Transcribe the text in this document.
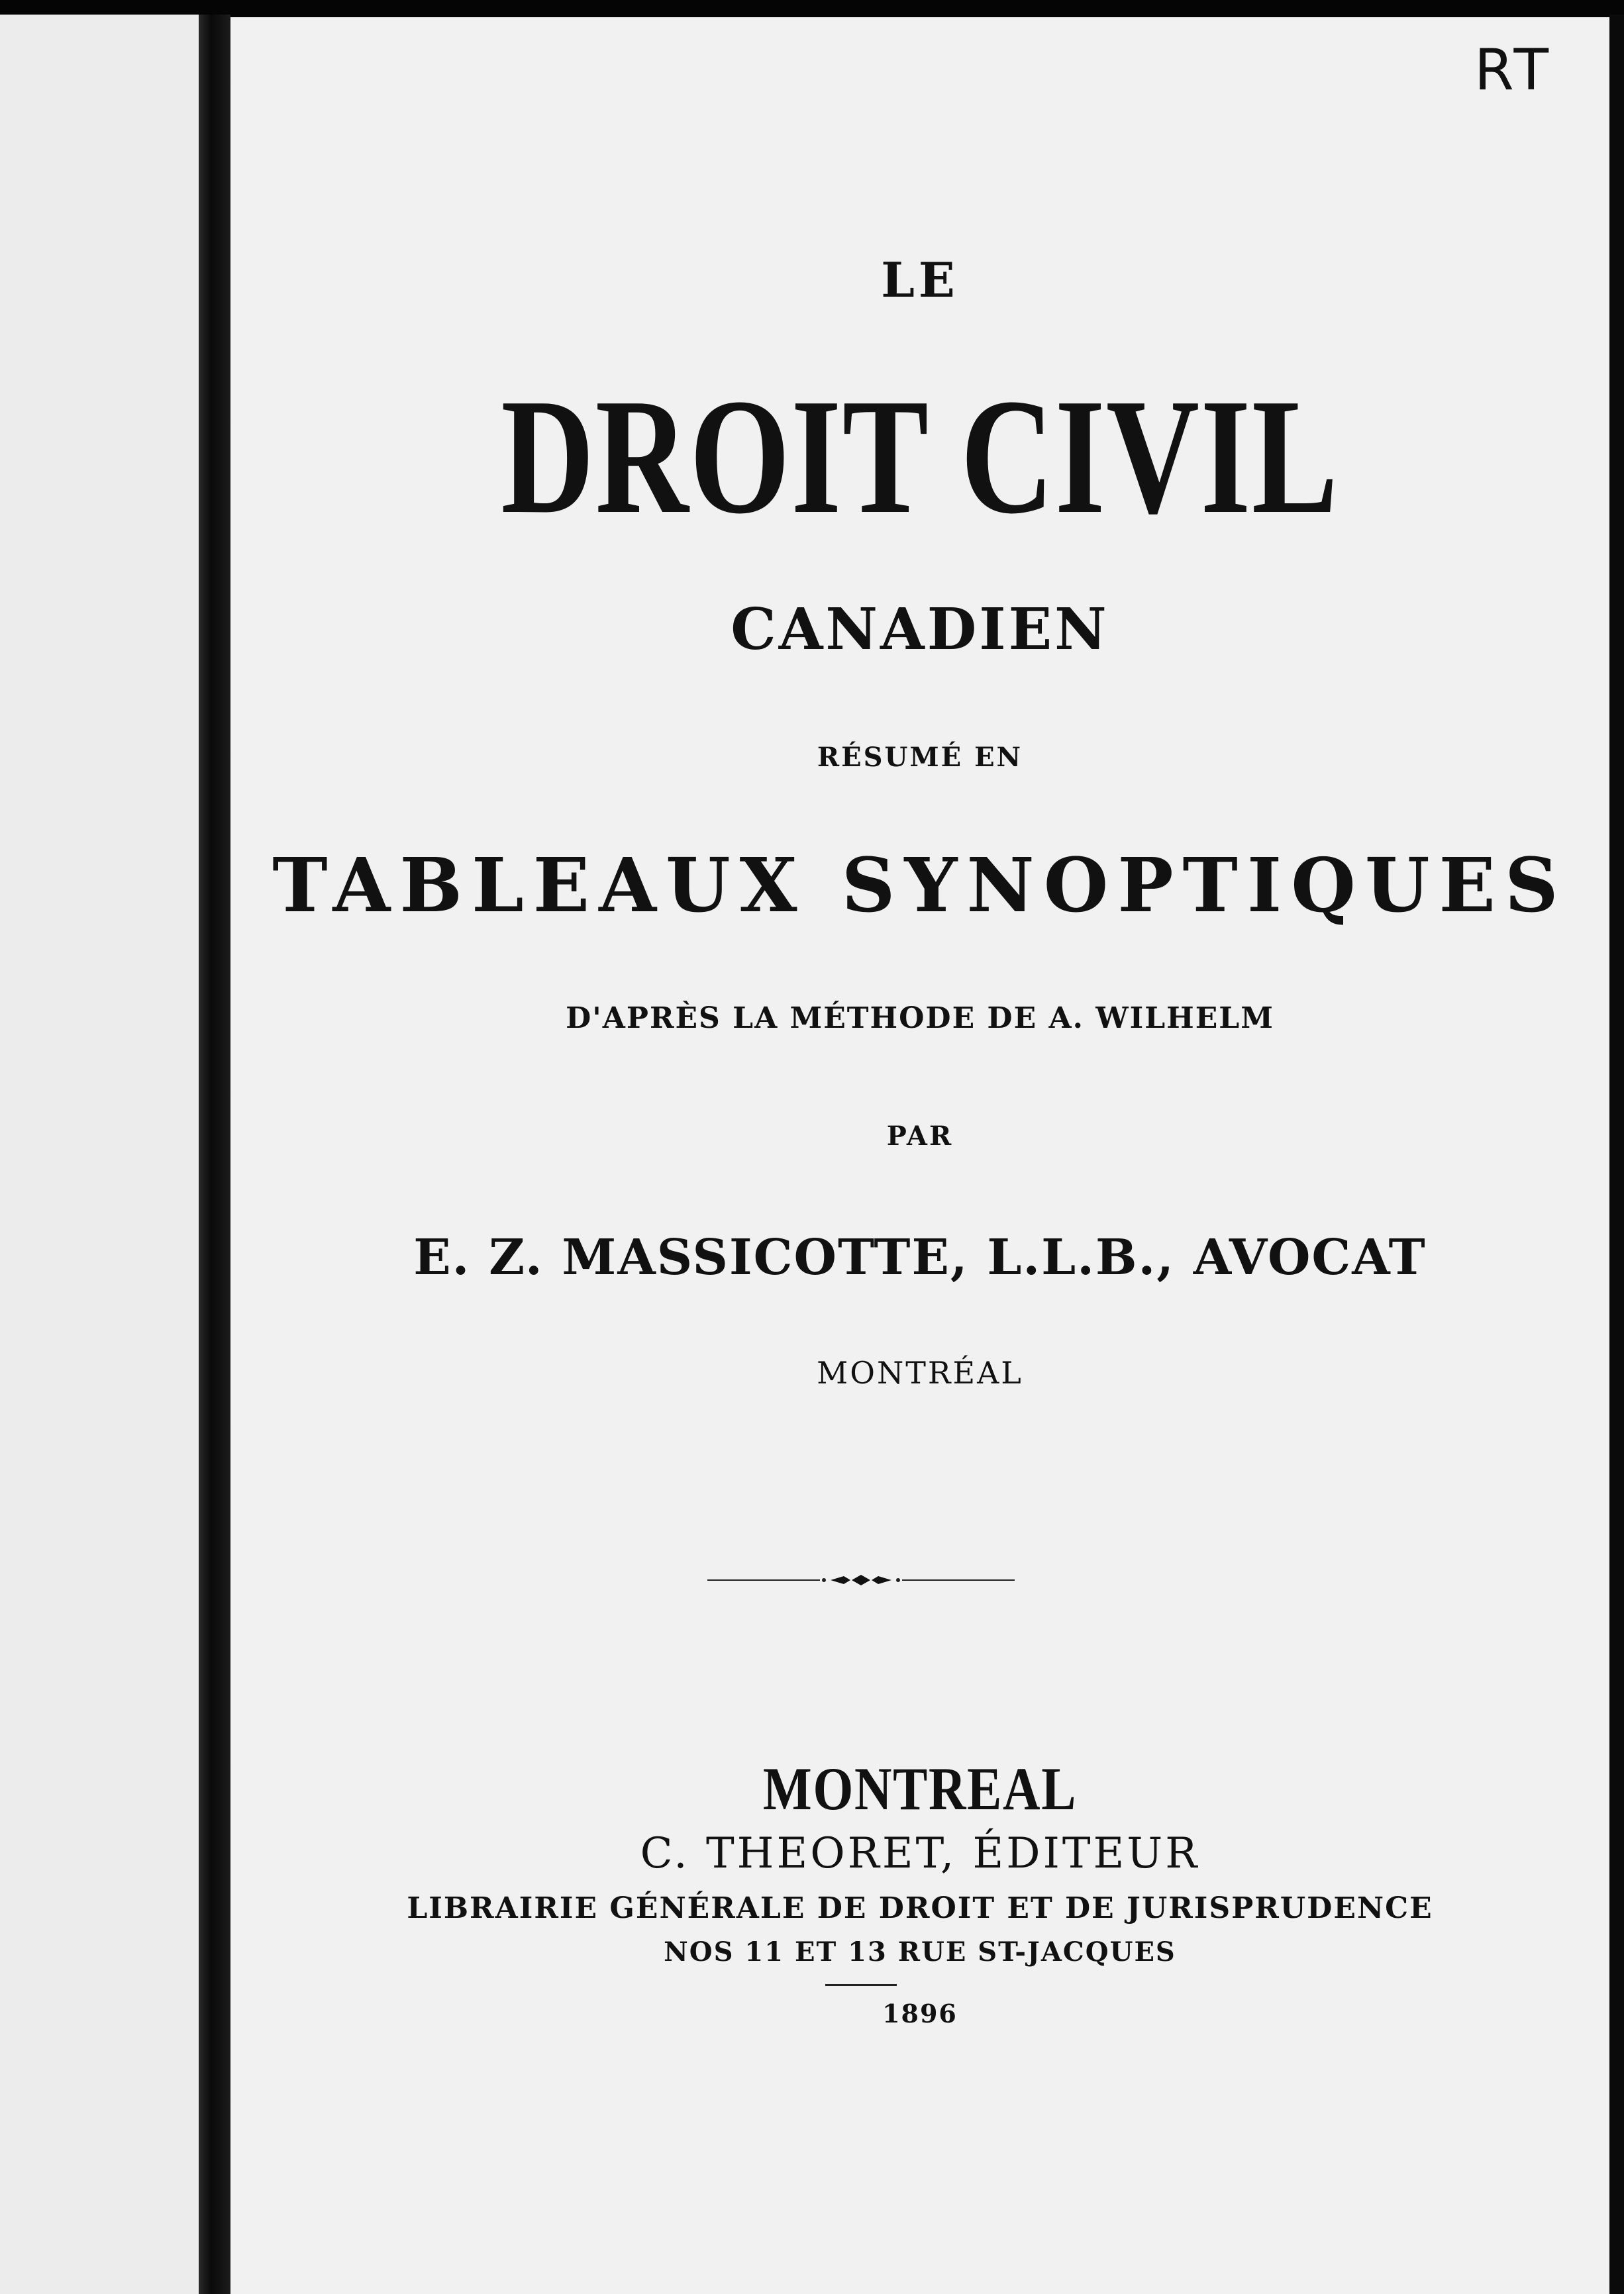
RT
LE
DROIT CIVIL
CANADIEN
RÉSUMÉ EN
TABLEAUX SYNOPTIQUES
D'APRÈS LA MÉTHODE DE A. WILHELM
PAR
E. Z. MASSICOTTE, L.L.B., AVOCAT
MONTRÉAL
MONTREAL
C. THEORET, ÉDITEUR
LIBRAIRIE GÉNÉRALE DE DROIT ET DE JURISPRUDENCE
NOS 11 ET 13 RUE ST-JACQUES
1896
